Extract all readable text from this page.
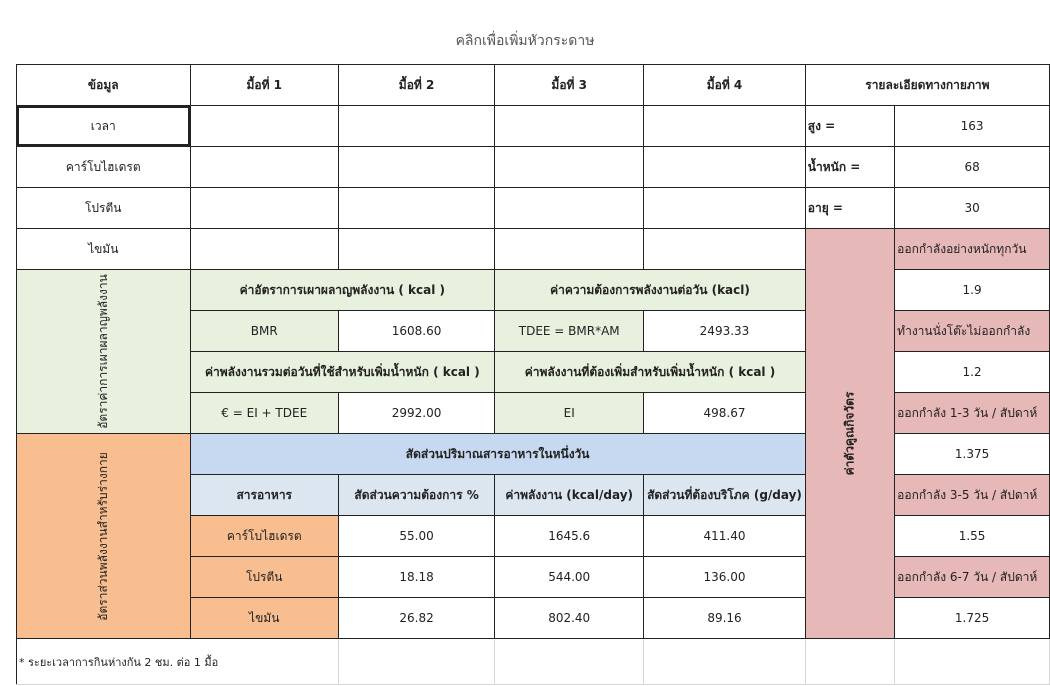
คลิกเพื่อเพิ่มหัวกระดาษ
ข้อมูล	มื้อที่ 1	มื้อที่ 2	มื้อที่ 3	มื้อที่ 4	รายละเอียดทางกายภาพ	
เวลา					สูง =	163
คาร์โบไฮเดรต					น้ำหนัก =	68
โปรตีน					อายุ =	30
ไขมัน					ค่าตัวคูณกิจวัตร	ออกกำลังอย่างหนักทุกวัน
อัตราค่าการเผาผลาญพลังงาน	ค่าอัตราการเผาผลาญพลังงาน ( kcal )		ค่าความต้องการพลังงานต่อวัน (kacl)			1.9
	BMR	1608.60	TDEE = BMR*AM	2493.33		ทำงานนั่งโต๊ะไม่ออกกำลัง
	ค่าพลังงานรวมต่อวันที่ใช้สำหรับเพิ่มน้ำหนัก ( kcal )		ค่าพลังงานที่ต้องเพิ่มสำหรับเพิ่มน้ำหนัก ( kcal )			1.2
	€ = EI + TDEE	2992.00	EI	498.67		ออกกำลัง 1-3 วัน / สัปดาห์
อัตราส่วนพลังงานสำหรับร่างกาย	สัดส่วนปริมาณสารอาหารในหนึ่งวัน					1.375
	สารอาหาร	สัดส่วนความต้องการ %	ค่าพลังงาน (kcal/day)	สัดส่วนที่ต้องบริโภค (g/day)		ออกกำลัง 3-5 วัน / สัปดาห์
	คาร์โบไฮเดรต	55.00	1645.6	411.40		1.55
	โปรตีน	18.18	544.00	136.00		ออกกำลัง 6-7 วัน / สัปดาห์
	ไขมัน	26.82	802.40	89.16		1.725
* ระยะเวลาการกินห่างกัน 2 ชม. ต่อ 1 มื้อ						
